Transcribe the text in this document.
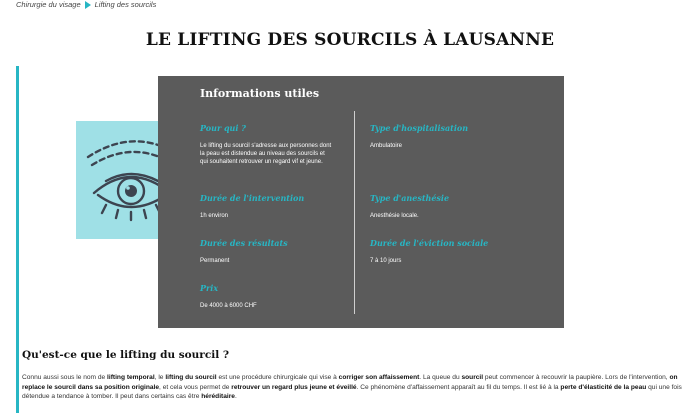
Chirurgie du visage Lifting des sourcils
LE LIFTING DES SOURCILS À LAUSANNE
Informations utiles
Pour qui ?
Le lifting du sourcil s'adresse aux personnes dont la peau est distendue au niveau des sourcils et qui souhaitent retrouver un regard vif et jeune.
Type d'hospitalisation
Ambulatoire
Durée de l'intervention
1h environ
Type d'anesthésie
Anesthésie locale.
Durée des résultats
Permanent
Durée de l'éviction sociale
7 à 10 jours
Prix
De 4000 à 6000 CHF
Qu'est-ce que le lifting du sourcil ?

Connu aussi sous le nom de lifting temporal, le lifting du sourcil est une procédure chirurgicale qui vise à corriger son affaissement. La queue du sourcil peut commencer à recouvrir la paupière. Lors de l'intervention, on replace le sourcil dans sa position originale, et cela vous permet de retrouver un regard plus jeune et éveillé. Ce phénomène d'affaissement apparaît au fil du temps. Il est lié à la perte d'élasticité de la peau qui une fois détendue a tendance à tomber. Il peut dans certains cas être héréditaire.
